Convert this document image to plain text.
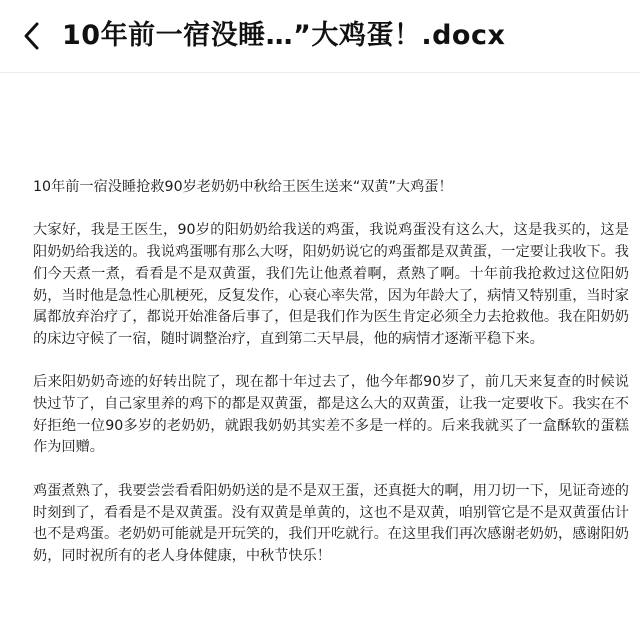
10年前一宿没睡…”大鸡蛋！.docx

10年前一宿没睡抢救90岁老奶奶中秋给王医生送来“双黄”大鸡蛋！

大家好，我是王医生，90岁的阳奶奶给我送的鸡蛋，我说鸡蛋没有这么大，这是我买的，这是阳奶奶给我送的。我说鸡蛋哪有那么大呀，阳奶奶说它的鸡蛋都是双黄蛋，一定要让我收下。我们今天煮一煮，看看是不是双黄蛋，我们先让他煮着啊，煮熟了啊。十年前我抢救过这位阳奶奶，当时他是急性心肌梗死，反复发作，心衰心率失常，因为年龄大了，病情又特别重，当时家属都放弃治疗了，都说开始准备后事了，但是我们作为医生肯定必须全力去抢救他。我在阳奶奶的床边守候了一宿，随时调整治疗，直到第二天早晨，他的病情才逐渐平稳下来。

后来阳奶奶奇迹的好转出院了，现在都十年过去了，他今年都90岁了，前几天来复查的时候说快过节了，自己家里养的鸡下的都是双黄蛋，都是这么大的双黄蛋，让我一定要收下。我实在不好拒绝一位90多岁的老奶奶，就跟我奶奶其实差不多是一样的。后来我就买了一盒酥软的蛋糕作为回赠。

鸡蛋煮熟了，我要尝尝看看阳奶奶送的是不是双王蛋，还真挺大的啊，用刀切一下，见证奇迹的时刻到了，看看是不是双黄蛋。没有双黄是单黄的，这也不是双黄，咱别管它是不是双黄蛋估计也不是鸡蛋。老奶奶可能就是开玩笑的，我们开吃就行。在这里我们再次感谢老奶奶，感谢阳奶奶，同时祝所有的老人身体健康，中秋节快乐！
